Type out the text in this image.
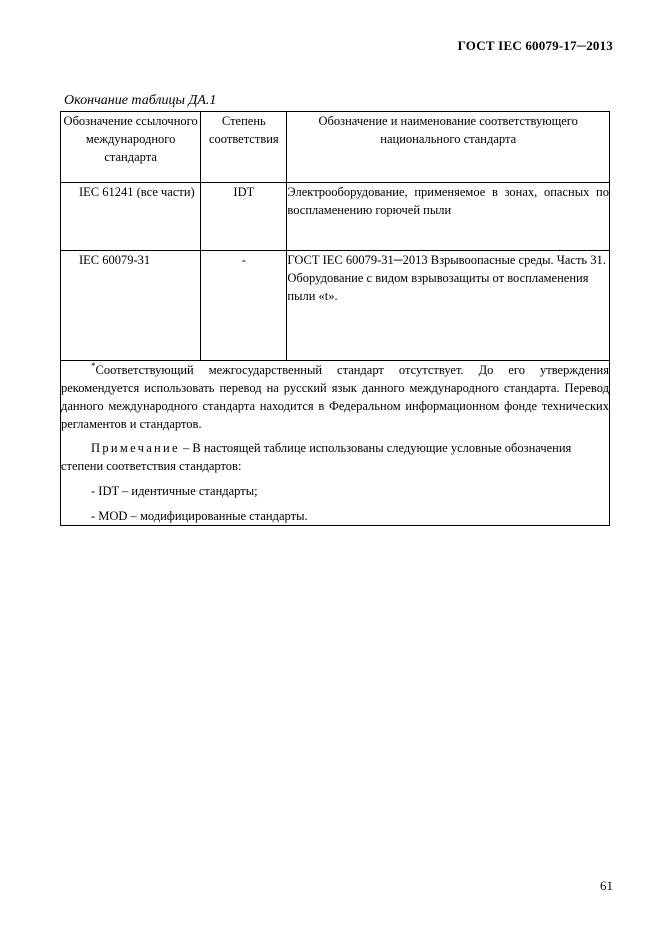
ГОСТ IEC 60079-17─2013
Окончание таблицы ДА.1
Обозначение ссылочного международного стандарта	Степень соответствия	Обозначение и наименование соответствующего национального стандарта

IEC 61241 (все части)	IDT	Электрооборудование, применяемое в зонах, опасных по воспламенению горючей пыли

IEC 60079-31	-	ГОСТ IEC 60079-31─2013 Взрывоопасные среды. Часть 31. Оборудование с видом взрывозащиты от воспламенения пыли «t».

*Соответствующий межгосударственный стандарт отсутствует. До его утверждения рекомендуется использовать перевод на русский язык данного международного стандарта. Перевод данного международного стандарта находится в Федеральном информационном фонде технических регламентов и стандартов.

Примечание – В настоящей таблице использованы следующие условные обозначения степени соответствия стандартов:

- IDT – идентичные стандарты;

- MOD – модифицированные стандарты.		

61
